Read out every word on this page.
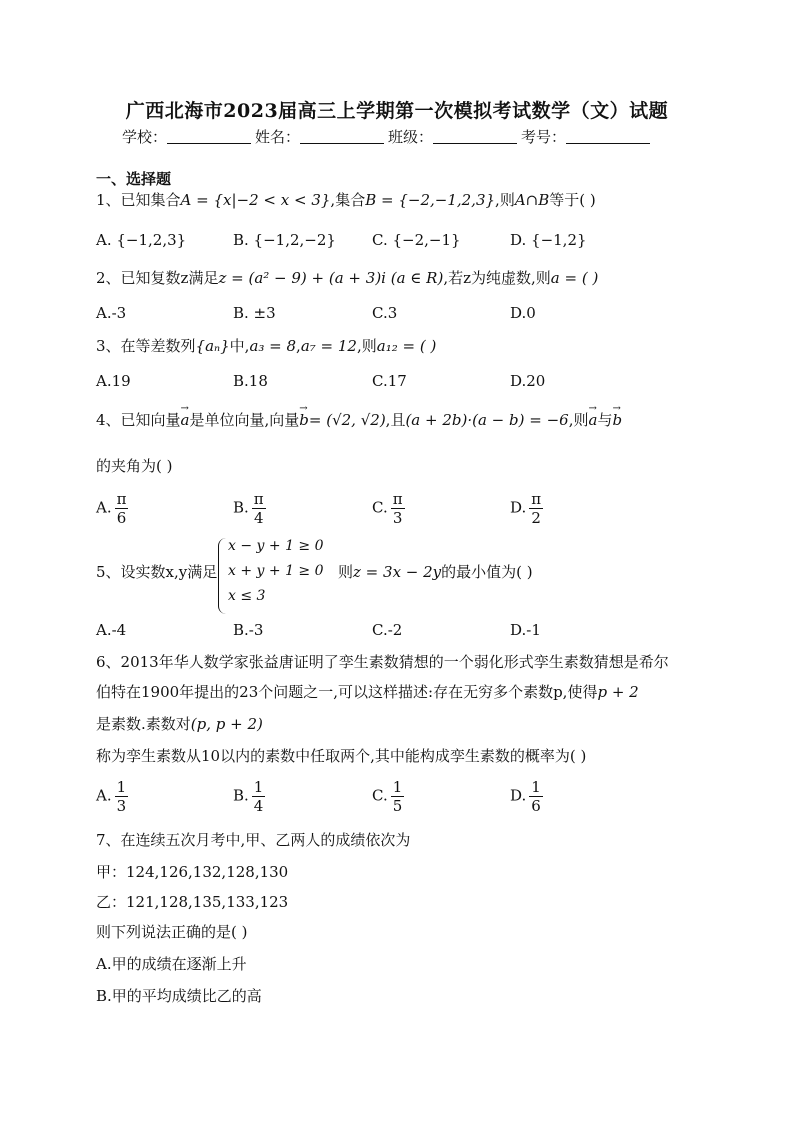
广西北海市2023届高三上学期第一次模拟考试数学（文）试题
学校：	姓名：	班级：	考号：
一、选择题
1、已知集合A = {x|−2 < x < 3},集合B = {−2,−1,2,3},则A∩B等于( )
A. {−1,2,3}	B. {−1,2,−2} C. {−2,−1}	D. {−1,2}
2、已知复数z满足z = (a² − 9) + (a + 3)i (a ∈ R),若z为纯虚数,则a = ( )
A.-3	B. ±3	C.3	D.0
3、在等差数列{aₙ}中,a₃ = 8,a₇ = 12,则a₁₂ = ( )
A.19	B.18	C.17	D.20
4、已知向量→ a是单位向量,向量→ b= (√2, √2),且(a + 2b)·(a − b) = −6,则→ a与→ b
的夹角为( )
A. $\frac{\pi}{6}$	B. $\frac{\pi}{4}$	C. $\frac{\pi}{3}$	D. $\frac{\pi}{2}$
5、设实数x,y满足
x − y + 1 ≥ 0
x + y + 1 ≥ 0
x ≤ 3
则z = 3x − 2y的最小值为( )
A.-4	B.-3	C.-2	D.-1
6、2013年华人数学家张益唐证明了孪生素数猜想的一个弱化形式孪生素数猜想是希尔
伯特在1900年提出的23个问题之一,可以这样描述:存在无穷多个素数p,使得p + 2
是素数.素数对(p, p + 2)
称为孪生素数从10以内的素数中任取两个,其中能构成孪生素数的概率为( )
A. $\frac{1}{3}$	B. $\frac{1}{4}$	C. $\frac{1}{5}$	D. $\frac{1}{6}$
7、在连续五次月考中,甲、乙两人的成绩依次为
甲：124,126,132,128,130
乙：121,128,135,133,123
则下列说法正确的是( )
A.甲的成绩在逐渐上升
B.甲的平均成绩比乙的高
